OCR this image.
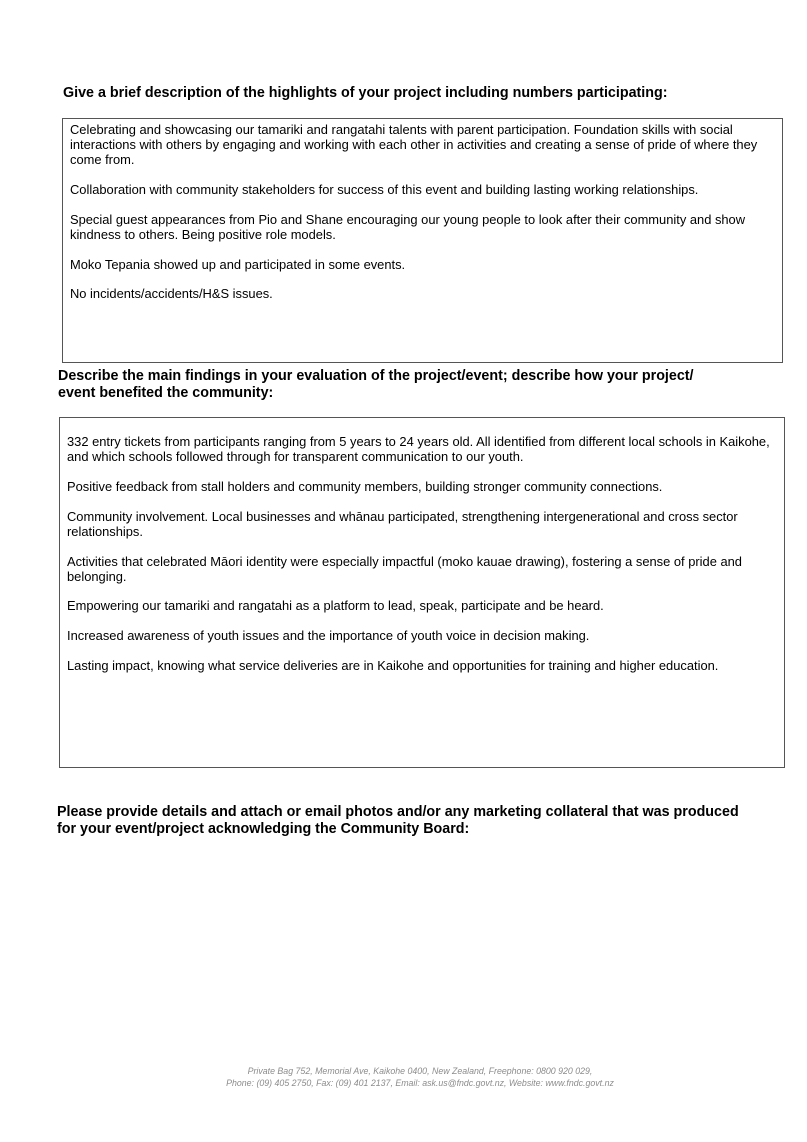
Give a brief description of the highlights of your project including numbers participating:

Celebrating and showcasing our tamariki and rangatahi talents with parent participation. Foundation skills with social interactions with others by engaging and working with each other in activities and creating a sense of pride of where they come from.

Collaboration with community stakeholders for success of this event and building lasting working relationships.

Special guest appearances from Pio and Shane encouraging our young people to look after their community and show kindness to others. Being positive role models.

Moko Tepania showed up and participated in some events.

No incidents/accidents/H&S issues.

Describe the main findings in your evaluation of the project/event; describe how your project/
event benefited the community:

332 entry tickets from participants ranging from 5 years to 24 years old. All identified from different local schools in Kaikohe, and which schools followed through for transparent communication to our youth.

Positive feedback from stall holders and community members, building stronger community connections.

Community involvement. Local businesses and whānau participated, strengthening intergenerational and cross sector relationships.

Activities that celebrated Māori identity were especially impactful (moko kauae drawing), fostering a sense of pride and belonging.

Empowering our tamariki and rangatahi as a platform to lead, speak, participate and be heard.

Increased awareness of youth issues and the importance of youth voice in decision making.

Lasting impact, knowing what service deliveries are in Kaikohe and opportunities for training and higher education.

Please provide details and attach or email photos and/or any marketing collateral that was produced
for your event/project acknowledging the Community Board:
Private Bag 752, Memorial Ave, Kaikohe 0400, New Zealand, Freephone: 0800 920 029,
Phone: (09) 405 2750, Fax: (09) 401 2137, Email: ask.us@fndc.govt.nz, Website: www.fndc.govt.nz
